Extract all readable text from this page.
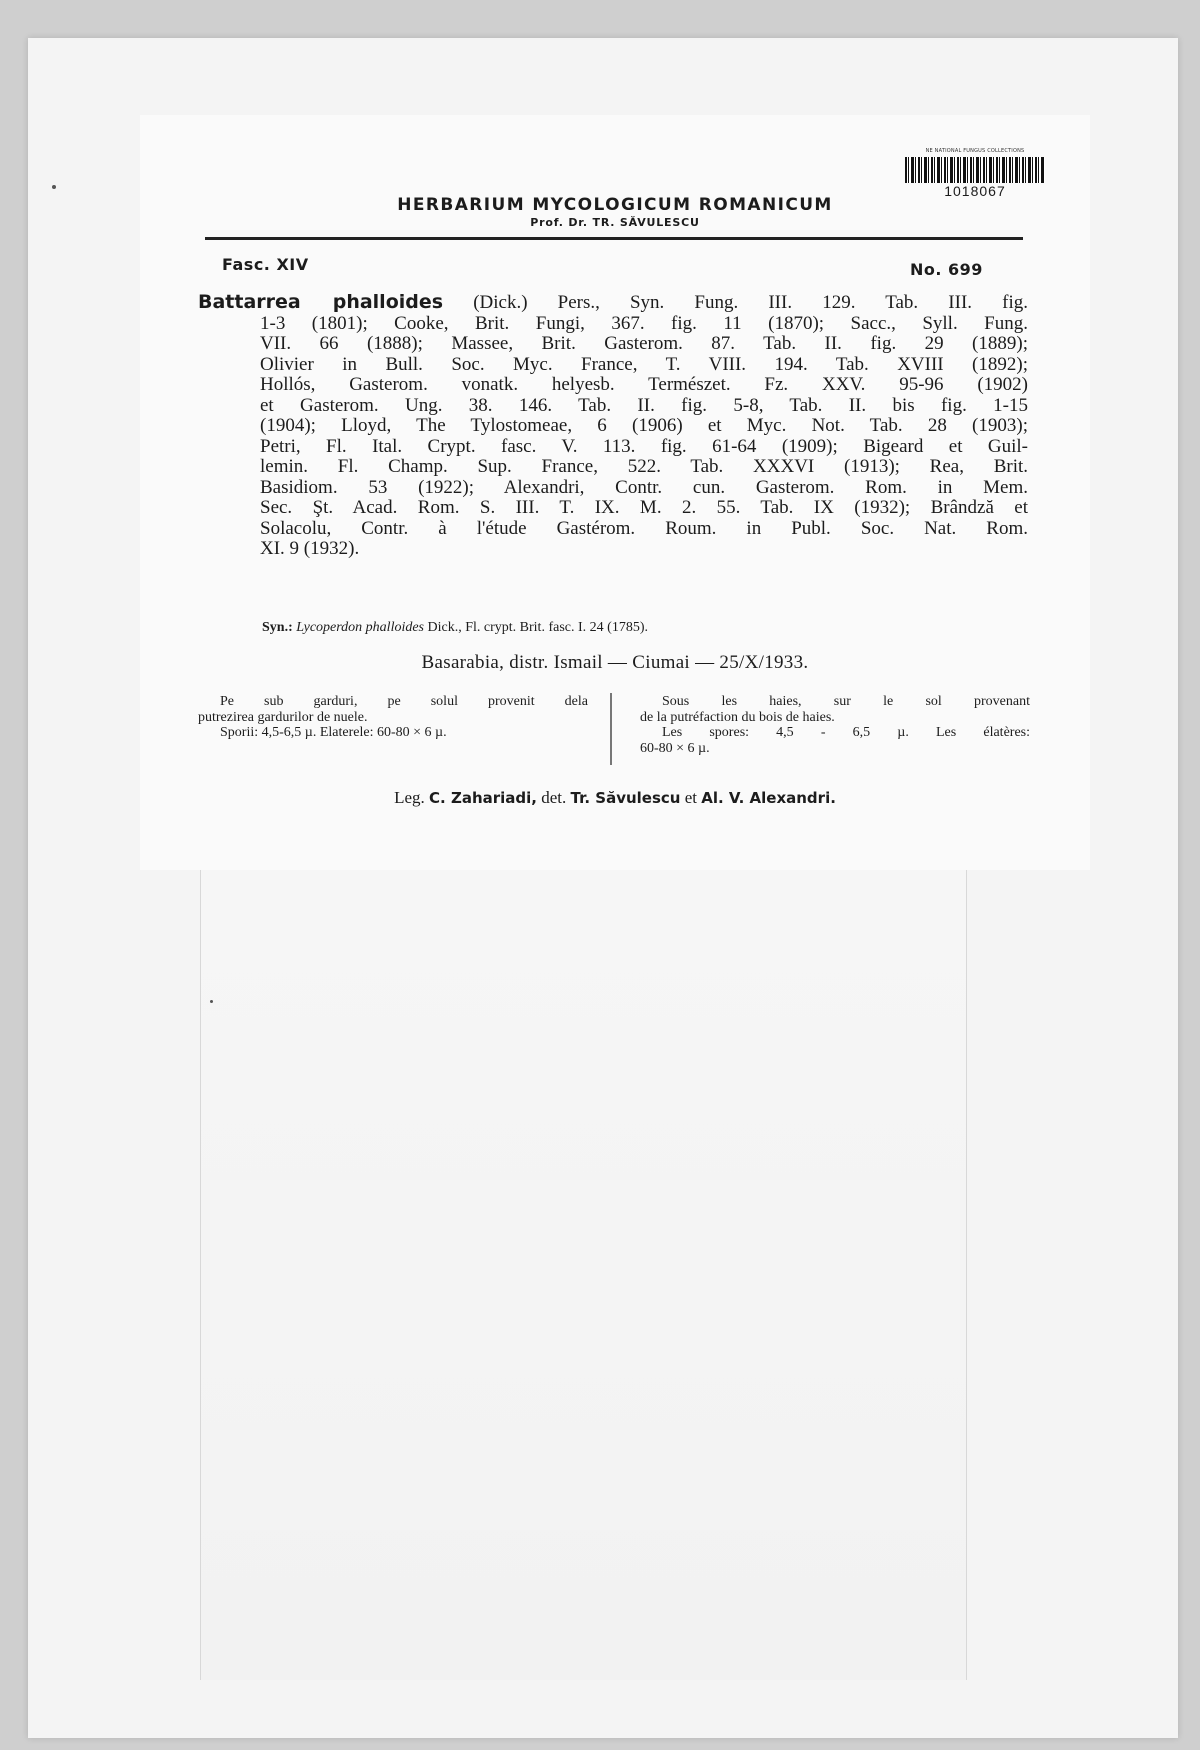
NE NATIONAL FUNGUS COLLECTIONS
1018067
HERBARIUM MYCOLOGICUM ROMANICUM
Prof. Dr. TR. SĂVULESCU
Fasc. XIV	No. 699
Battarrea phalloides (Dick.) Pers., Syn. Fung. III. 129. Tab. III. fig.
1-3 (1801); Cooke, Brit. Fungi, 367. fig. 11 (1870); Sacc., Syll. Fung.
VII. 66 (1888); Massee, Brit. Gasterom. 87. Tab. II. fig. 29 (1889);
Olivier in Bull. Soc. Myc. France, T. VIII. 194. Tab. XVIII (1892);
Hollós, Gasterom. vonatk. helyesb. Természet. Fz. XXV. 95-96 (1902)
et Gasterom. Ung. 38. 146. Tab. II. fig. 5-8, Tab. II. bis fig. 1-15
(1904); Lloyd, The Tylostomeae, 6 (1906) et Myc. Not. Tab. 28 (1903);
Petri, Fl. Ital. Crypt. fasc. V. 113. fig. 61-64 (1909); Bigeard et Guil-
lemin. Fl. Champ. Sup. France, 522. Tab. XXXVI (1913); Rea, Brit.
Basidiom. 53 (1922); Alexandri, Contr. cun. Gasterom. Rom. in Mem.
Sec. Şt. Acad. Rom. S. III. T. IX. M. 2. 55. Tab. IX (1932); Brândză et
Solacolu, Contr. à l'étude Gastérom. Roum. in Publ. Soc. Nat. Rom.
XI. 9 (1932).
Syn.: Lycoperdon phalloides Dick., Fl. crypt. Brit. fasc. I. 24 (1785).
Basarabia, distr. Ismail — Ciumai — 25/X/1933.
Pe sub garduri, pe solul provenit dela
putrezirea gardurilor de nuele.
Sporii: 4,5-6,5 µ. Elaterele: 60-80 × 6 µ.
Sous les haies, sur le sol provenant
de la putréfaction du bois de haies.
Les spores: 4,5 - 6,5 µ. Les élatères:
60-80 × 6 µ.
Leg. C. Zahariadi, det. Tr. Săvulescu et Al. V. Alexandri.
